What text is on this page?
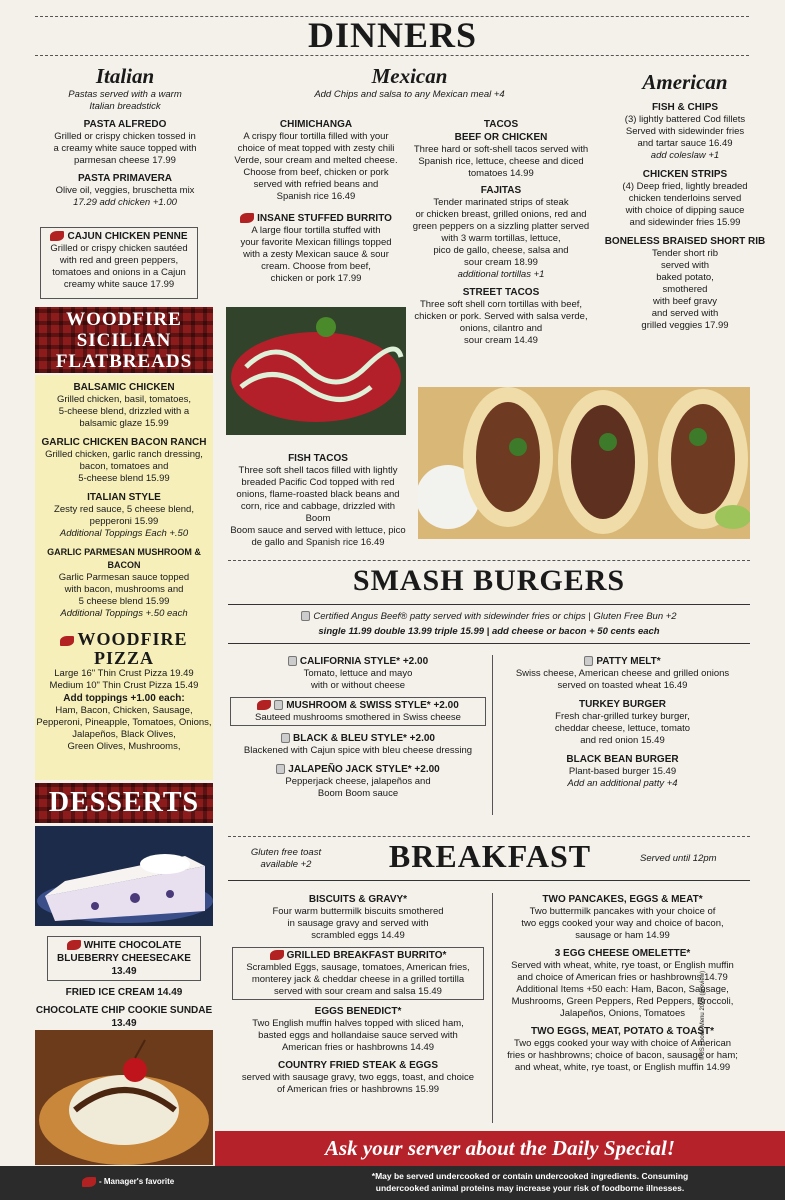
DINNERS
Italian
Pastas served with a warm
Italian breadstick
PASTA ALFREDO
Grilled or crispy chicken tossed in
a creamy white sauce topped with
parmesan cheese 17.99
PASTA PRIMAVERA
Olive oil, veggies, bruschetta mix
17.29 add chicken +1.00
CAJUN CHICKEN PENNE
Grilled or crispy chicken sautéed
with red and green peppers,
tomatoes and onions in a Cajun
creamy white sauce 17.99
WOODFIRE
SICILIAN
FLATBREADS
BALSAMIC CHICKEN
Grilled chicken, basil, tomatoes,
5-cheese blend, drizzled with a
balsamic glaze 15.99
GARLIC CHICKEN BACON RANCH
Grilled chicken, garlic ranch dressing,
bacon, tomatoes and
5-cheese blend 15.99
ITALIAN STYLE
Zesty red sauce, 5 cheese blend,
pepperoni 15.99
Additional Toppings Each +.50
GARLIC PARMESAN MUSHROOM & BACON
Garlic Parmesan sauce topped
with bacon, mushrooms and
5 cheese blend 15.99
Additional Toppings +.50 each
WOODFIRE
PIZZA
Large 16" Thin Crust Pizza 19.49
Medium 10" Thin Crust Pizza 15.49
Add toppings +1.00 each:
Ham, Bacon, Chicken, Sausage,
Pepperoni, Pineapple, Tomatoes, Onions,
Jalapeños, Black Olives,
Green Olives, Mushrooms,
DESSERTS
WHITE CHOCOLATE
BLUEBERRY CHEESECAKE 13.49
FRIED ICE CREAM 14.49
CHOCOLATE CHIP COOKIE SUNDAE 13.49
Mexican
Add Chips and salsa to any Mexican meal +4
CHIMICHANGA
A crispy flour tortilla filled with your
choice of meat topped with zesty chili
Verde, sour cream and melted cheese.
Choose from beef, chicken or pork
served with refried beans and
Spanish rice 16.49
INSANE STUFFED BURRITO
A large flour tortilla stuffed with
your favorite Mexican fillings topped
with a zesty Mexican sauce & sour
cream. Choose from beef,
chicken or pork 17.99
TACOS
BEEF OR CHICKEN
Three hard or soft-shell tacos served with
Spanish rice, lettuce, cheese and diced
tomatoes 14.99
FAJITAS
Tender marinated strips of steak
or chicken breast, grilled onions, red and
green peppers on a sizzling platter served
with 3 warm tortillas, lettuce,
pico de gallo, cheese, salsa and
sour cream 18.99
additional tortillas +1
STREET TACOS
Three soft shell corn tortillas with beef,
chicken or pork. Served with salsa verde,
onions, cilantro and
sour cream 14.49
FISH TACOS
Three soft shell tacos filled with lightly
breaded Pacific Cod topped with red
onions, flame-roasted black beans and
corn, rice and cabbage, drizzled with Boom
Boom sauce and served with lettuce, pico
de gallo and Spanish rice 16.49
American
FISH & CHIPS
(3) lightly battered Cod fillets
Served with sidewinder fries
and tartar sauce 16.49
add coleslaw +1
CHICKEN STRIPS
(4) Deep fried, lightly breaded
chicken tenderloins served
with choice of dipping sauce
and sidewinder fries 15.99
BONELESS BRAISED SHORT RIB
Tender short rib
served with
baked potato,
smothered
with beef gravy
and served with
grilled veggies 17.99
SMASH BURGERS
Certified Angus Beef® patty served with sidewinder fries or chips | Gluten Free Bun +2
single 11.99 double 13.99 triple 15.99 | add cheese or bacon + 50 cents each
CALIFORNIA STYLE* +2.00
Tomato, lettuce and mayo
with or without cheese
MUSHROOM & SWISS STYLE* +2.00
Sauteed mushrooms smothered in Swiss cheese
BLACK & BLEU STYLE* +2.00
Blackened with Cajun spice with bleu cheese dressing
JALAPEÑO JACK STYLE* +2.00
Pepperjack cheese, jalapeños and
Boom Boom sauce
PATTY MELT*
Swiss cheese, American cheese and grilled onions
served on toasted wheat 16.49
TURKEY BURGER
Fresh char-grilled turkey burger,
cheddar cheese, lettuce, tomato
and red onion 15.49
BLACK BEAN BURGER
Plant-based burger 15.49
Add an additional patty +4
Gluten free toast
available +2	BREAKFAST	Served until 12pm
BISCUITS & GRAVY*
Four warm buttermilk biscuits smothered
in sausage gravy and served with
scrambled eggs 14.49
GRILLED BREAKFAST BURRITO*
Scrambled Eggs, sausage, tomatoes, American fries,
monterey jack & cheddar cheese in a grilled tortilla
served with sour cream and salsa 15.49
EGGS BENEDICT*
Two English muffin halves topped with sliced ham,
basted eggs and hollandaise sauce served with
American fries or hashbrowns 14.49
COUNTRY FRIED STEAK & EGGS
served with sausage gravy, two eggs, toast, and choice
of American fries or hashbrowns 15.99
TWO PANCAKES, EGGS & MEAT*
Two buttermilk pancakes with your choice of
two eggs cooked your way and choice of bacon,
sausage or ham 14.99
3 EGG CHEESE OMELETTE*
Served with wheat, white, rye toast, or English muffin
and choice of American fries or hashbrowns 14.79
Additional Items +50 each: Ham, Bacon, Sausage,
Mushrooms, Green Peppers, Red Peppers, Broccoli,
Jalapeños, Onions, Tomatoes
TWO EGGS, MEAT, POTATO & TOAST*
Two eggs cooked your way with choice of American
fries or hashbrowns; choice of bacon, sausage or ham;
and wheat, white, rye toast, or English muffin 14.99
©US Foods Menu 2025 (preview)
Ask your server about the Daily Special!
- Manager's favorite
*May be served undercooked or contain undercooked ingredients. Consuming
undercooked animal proteins may increase your risk of foodborne illnesses.
